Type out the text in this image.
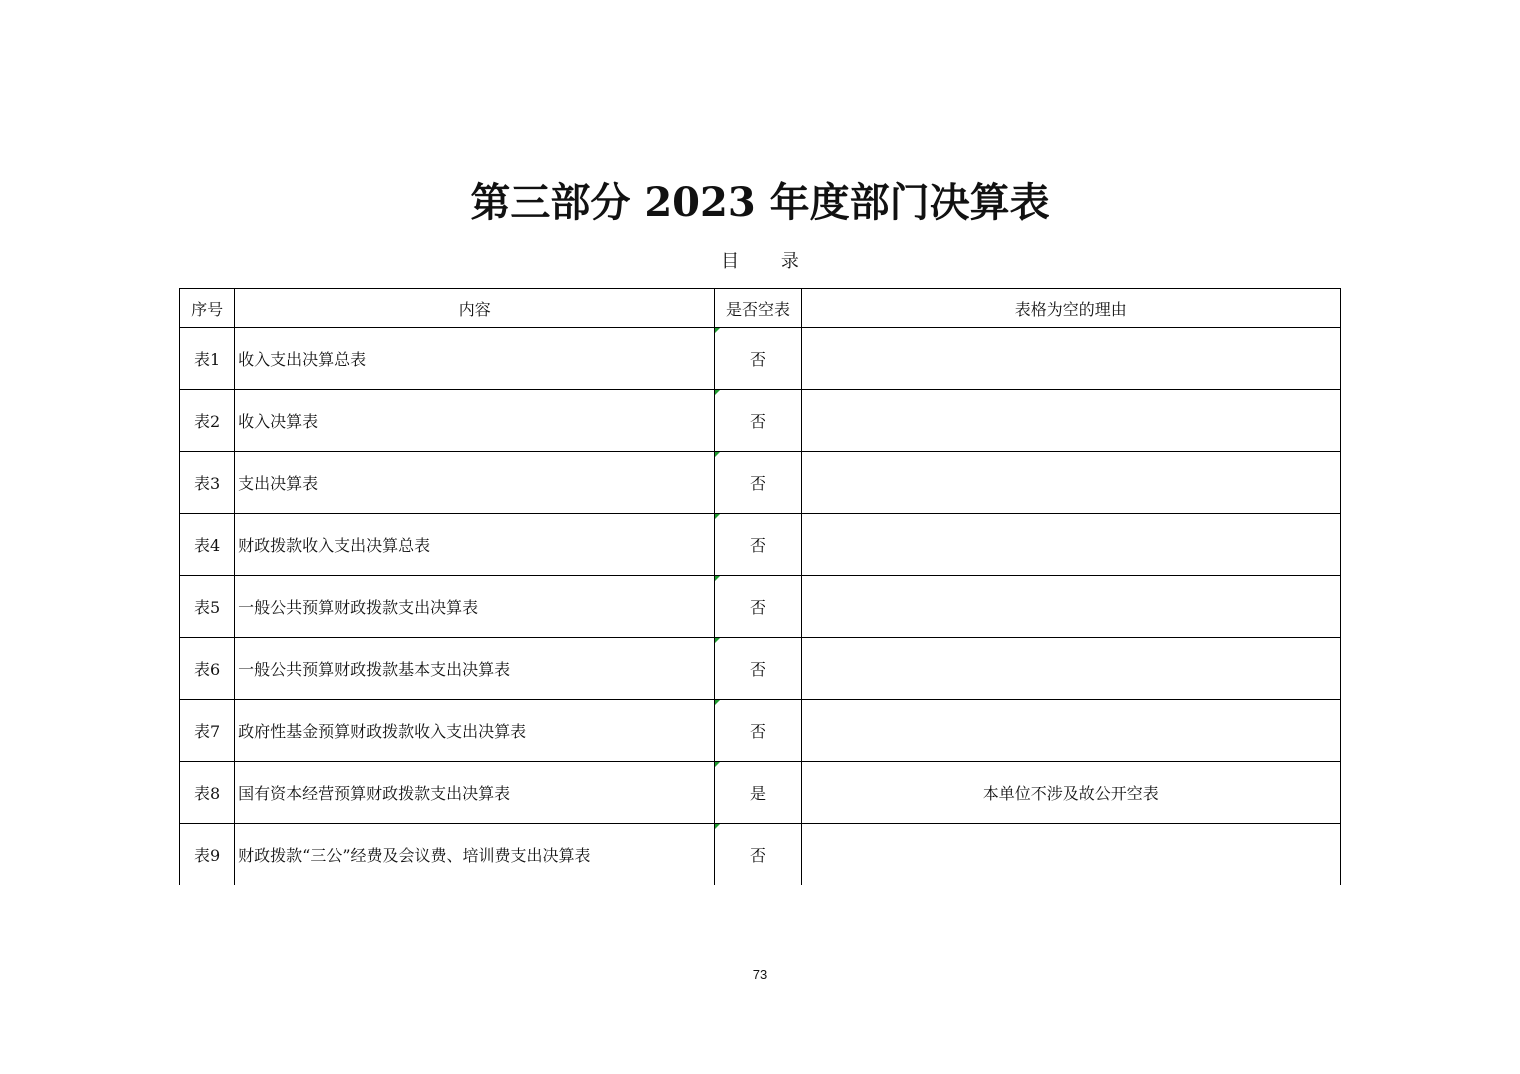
第三部分 2023 年度部门决算表
目 录
序号	内容	是否空表	表格为空的理由
表1	收入支出决算总表	否	
表2	收入决算表	否	
表3	支出决算表	否	
表4	财政拨款收入支出决算总表	否	
表5	一般公共预算财政拨款支出决算表	否	
表6	一般公共预算财政拨款基本支出决算表	否	
表7	政府性基金预算财政拨款收入支出决算表	否	
表8	国有资本经营预算财政拨款支出决算表	是	本单位不涉及故公开空表
表9	财政拨款“三公”经费及会议费、培训费支出决算表	否	
73
